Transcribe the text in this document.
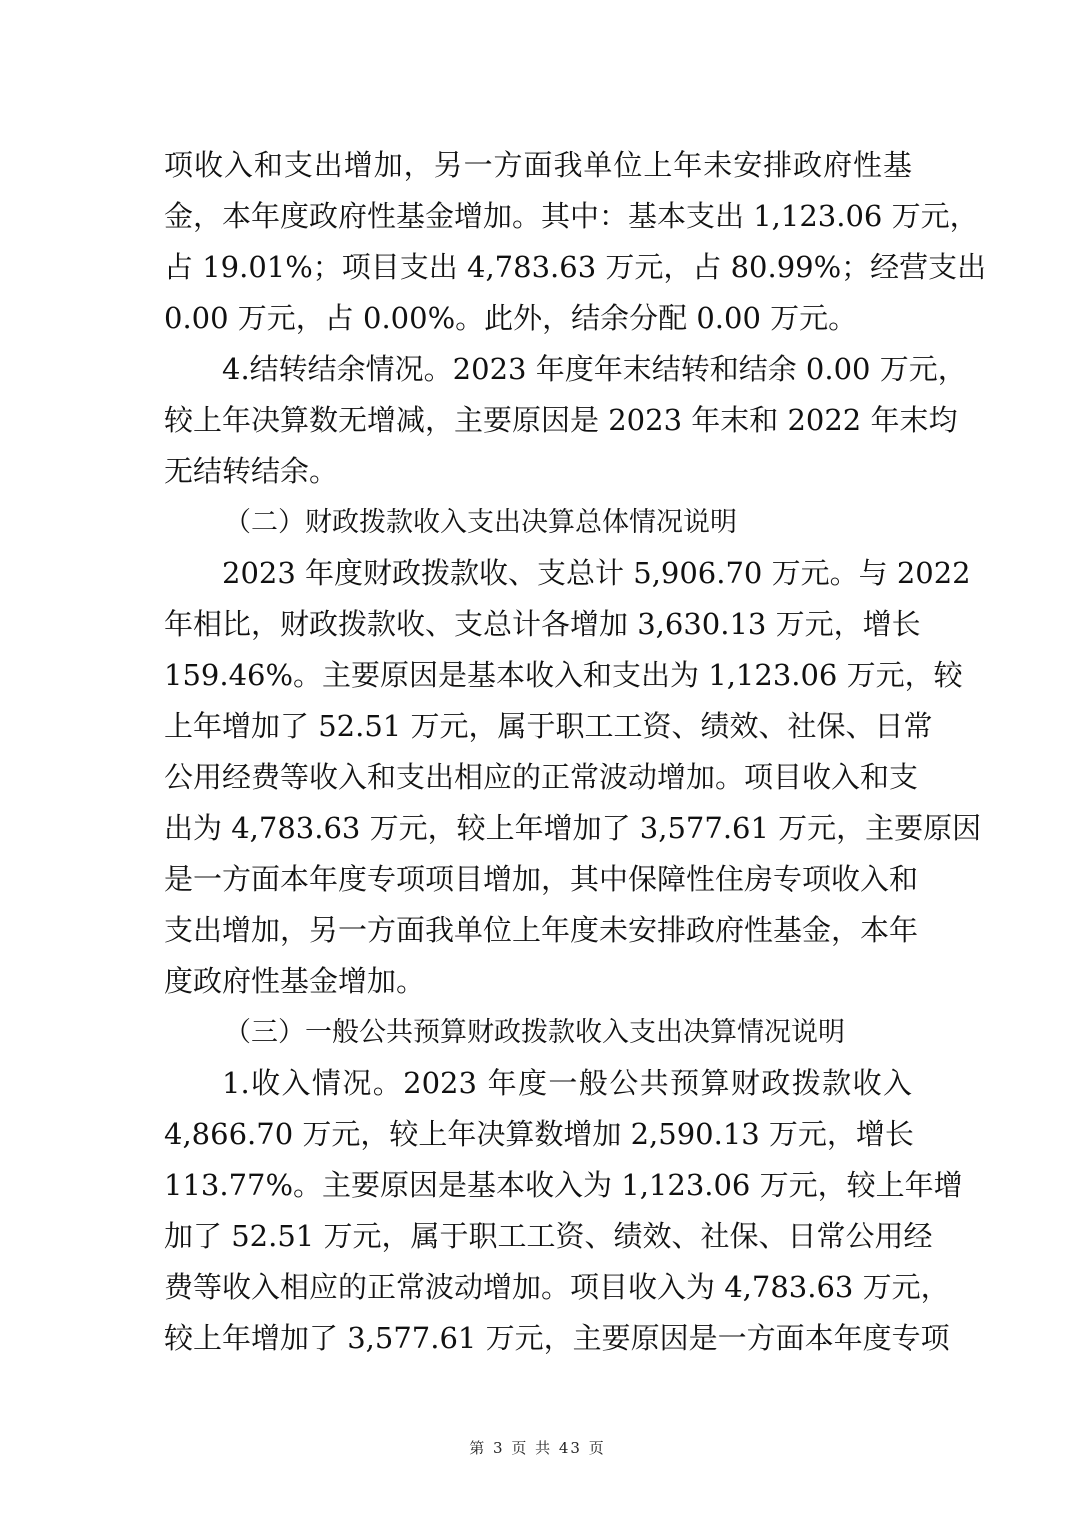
项收入和支出增加，另一方面我单位上年未安排政府性基
金，本年度政府性基金增加。其中：基本支出 1,123.06 万元，
占 19.01%；项目支出 4,783.63 万元，占 80.99%；经营支出
0.00 万元，占 0.00%。此外，结余分配 0.00 万元。
4.结转结余情况。2023 年度年末结转和结余 0.00 万元，
较上年决算数无增减，主要原因是 2023 年末和 2022 年末均
无结转结余。
（二）财政拨款收入支出决算总体情况说明
2023 年度财政拨款收、支总计 5,906.70 万元。与 2022
年相比，财政拨款收、支总计各增加 3,630.13 万元，增长
159.46%。主要原因是基本收入和支出为 1,123.06 万元，较
上年增加了 52.51 万元，属于职工工资、绩效、社保、日常
公用经费等收入和支出相应的正常波动增加。项目收入和支
出为 4,783.63 万元，较上年增加了 3,577.61 万元，主要原因
是一方面本年度专项项目增加，其中保障性住房专项收入和
支出增加，另一方面我单位上年度未安排政府性基金，本年
度政府性基金增加。
（三）一般公共预算财政拨款收入支出决算情况说明
1.收入情况。2023 年度一般公共预算财政拨款收入
4,866.70 万元，较上年决算数增加 2,590.13 万元，增长
113.77%。主要原因是基本收入为 1,123.06 万元，较上年增
加了 52.51 万元，属于职工工资、绩效、社保、日常公用经
费等收入相应的正常波动增加。项目收入为 4,783.63 万元，
较上年增加了 3,577.61 万元，主要原因是一方面本年度专项
第 3 页 共 43 页
